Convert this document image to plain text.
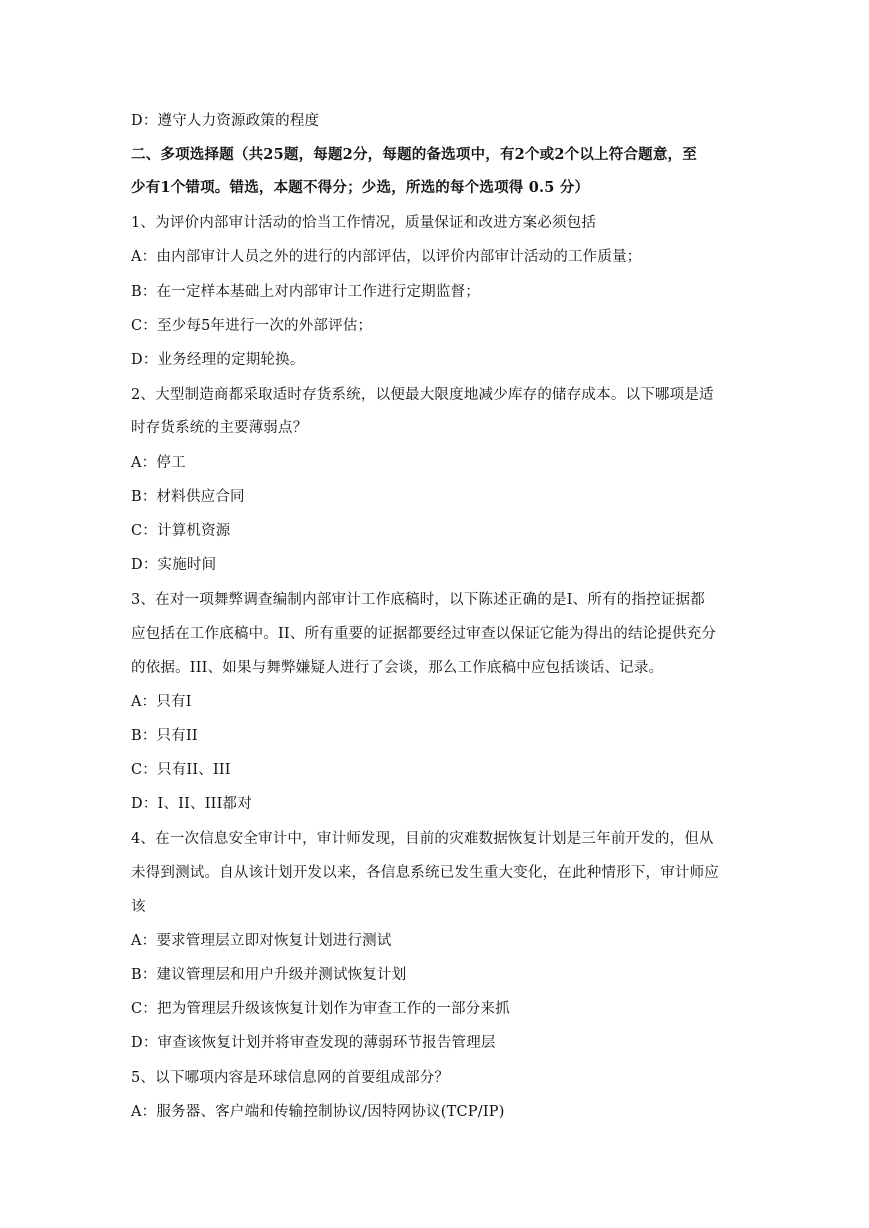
D：遵守人力资源政策的程度
二、多项选择题（共25题，每题2分，每题的备选项中，有2个或2个以上符合题意，至
少有1个错项。错选，本题不得分；少选，所选的每个选项得 0.5 分）
1、为评价内部审计活动的恰当工作情况，质量保证和改进方案必须包括
A：由内部审计人员之外的进行的内部评估，以评价内部审计活动的工作质量；
B：在一定样本基础上对内部审计工作进行定期监督；
C：至少每5年进行一次的外部评估；
D：业务经理的定期轮换。
2、大型制造商都采取适时存货系统，以便最大限度地减少库存的储存成本。以下哪项是适
时存货系统的主要薄弱点？
A：停工
B：材料供应合同
C：计算机资源
D：实施时间
3、在对一项舞弊调查编制内部审计工作底稿时，以下陈述正确的是I、所有的指控证据都
应包括在工作底稿中。II、所有重要的证据都要经过审查以保证它能为得出的结论提供充分
的依据。III、如果与舞弊嫌疑人进行了会谈，那么工作底稿中应包括谈话、记录。
A：只有I
B：只有II
C：只有II、III
D：I、II、III都对
4、在一次信息安全审计中，审计师发现，目前的灾难数据恢复计划是三年前开发的，但从
未得到测试。自从该计划开发以来，各信息系统已发生重大变化，在此种情形下，审计师应
该
A：要求管理层立即对恢复计划进行测试
B：建议管理层和用户升级并测试恢复计划
C：把为管理层升级该恢复计划作为审查工作的一部分来抓
D：审查该恢复计划并将审查发现的薄弱环节报告管理层
5、以下哪项内容是环球信息网的首要组成部分？
A：服务器、客户端和传输控制协议/因特网协议(TCP/IP)
